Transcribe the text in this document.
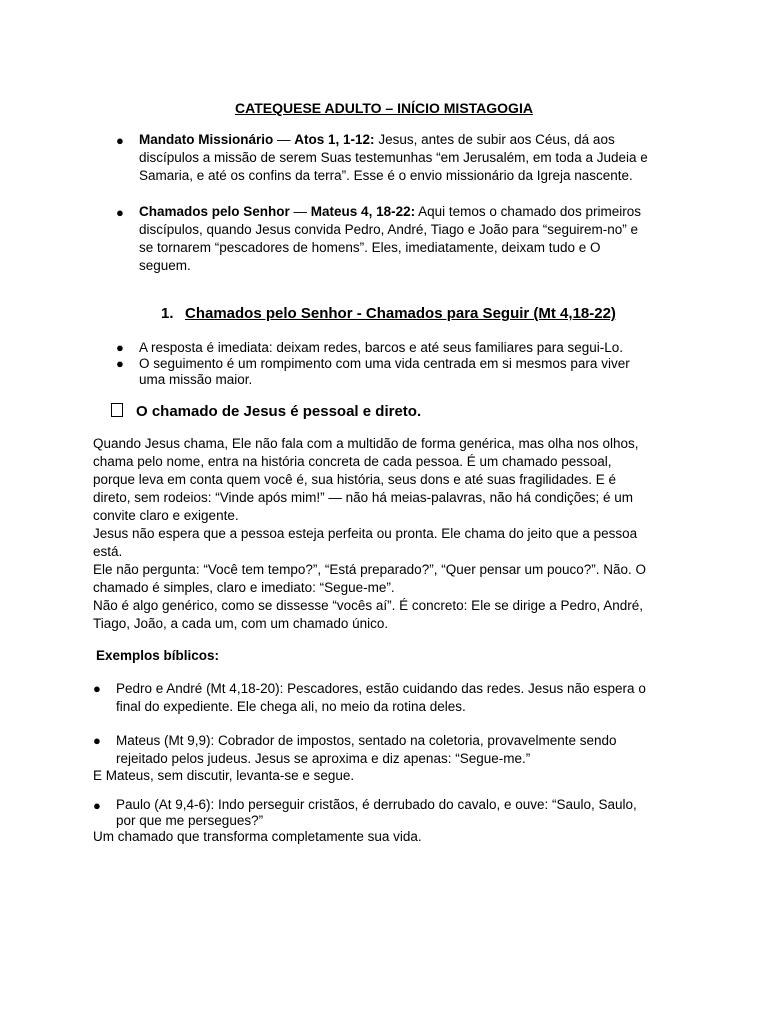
CATEQUESE ADULTO – INÍCIO MISTAGOGIA
● Mandato Missionário — Atos 1, 1-12: Jesus, antes de subir aos Céus, dá aos
discípulos a missão de serem Suas testemunhas “em Jerusalém, em toda a Judeia e
Samaria, e até os confins da terra”. Esse é o envio missionário da Igreja nascente.
● Chamados pelo Senhor — Mateus 4, 18-22: Aqui temos o chamado dos primeiros
discípulos, quando Jesus convida Pedro, André, Tiago e João para “seguirem-no” e
se tornarem “pescadores de homens”. Eles, imediatamente, deixam tudo e O
seguem.
1. Chamados pelo Senhor - Chamados para Seguir (Mt 4,18-22)
● A resposta é imediata: deixam redes, barcos e até seus familiares para segui-Lo.
● O seguimento é um rompimento com uma vida centrada em si mesmos para viver
uma missão maior.
O chamado de Jesus é pessoal e direto.
Quando Jesus chama, Ele não fala com a multidão de forma genérica, mas olha nos olhos,
chama pelo nome, entra na história concreta de cada pessoa. É um chamado pessoal,
porque leva em conta quem você é, sua história, seus dons e até suas fragilidades. E é
direto, sem rodeios: “Vinde após mim!” — não há meias-palavras, não há condições; é um
convite claro e exigente.
Jesus não espera que a pessoa esteja perfeita ou pronta. Ele chama do jeito que a pessoa
está.
Ele não pergunta: “Você tem tempo?”, “Está preparado?”, “Quer pensar um pouco?”. Não. O
chamado é simples, claro e imediato: “Segue-me”.
Não é algo genérico, como se dissesse “vocês aí”. É concreto: Ele se dirige a Pedro, André,
Tiago, João, a cada um, com um chamado único.
Exemplos bíblicos:
● Pedro e André (Mt 4,18-20): Pescadores, estão cuidando das redes. Jesus não espera o
final do expediente. Ele chega ali, no meio da rotina deles.
● Mateus (Mt 9,9): Cobrador de impostos, sentado na coletoria, provavelmente sendo
rejeitado pelos judeus. Jesus se aproxima e diz apenas: “Segue-me.”
E Mateus, sem discutir, levanta-se e segue.
● Paulo (At 9,4-6): Indo perseguir cristãos, é derrubado do cavalo, e ouve: “Saulo, Saulo,
por que me persegues?”
Um chamado que transforma completamente sua vida.
